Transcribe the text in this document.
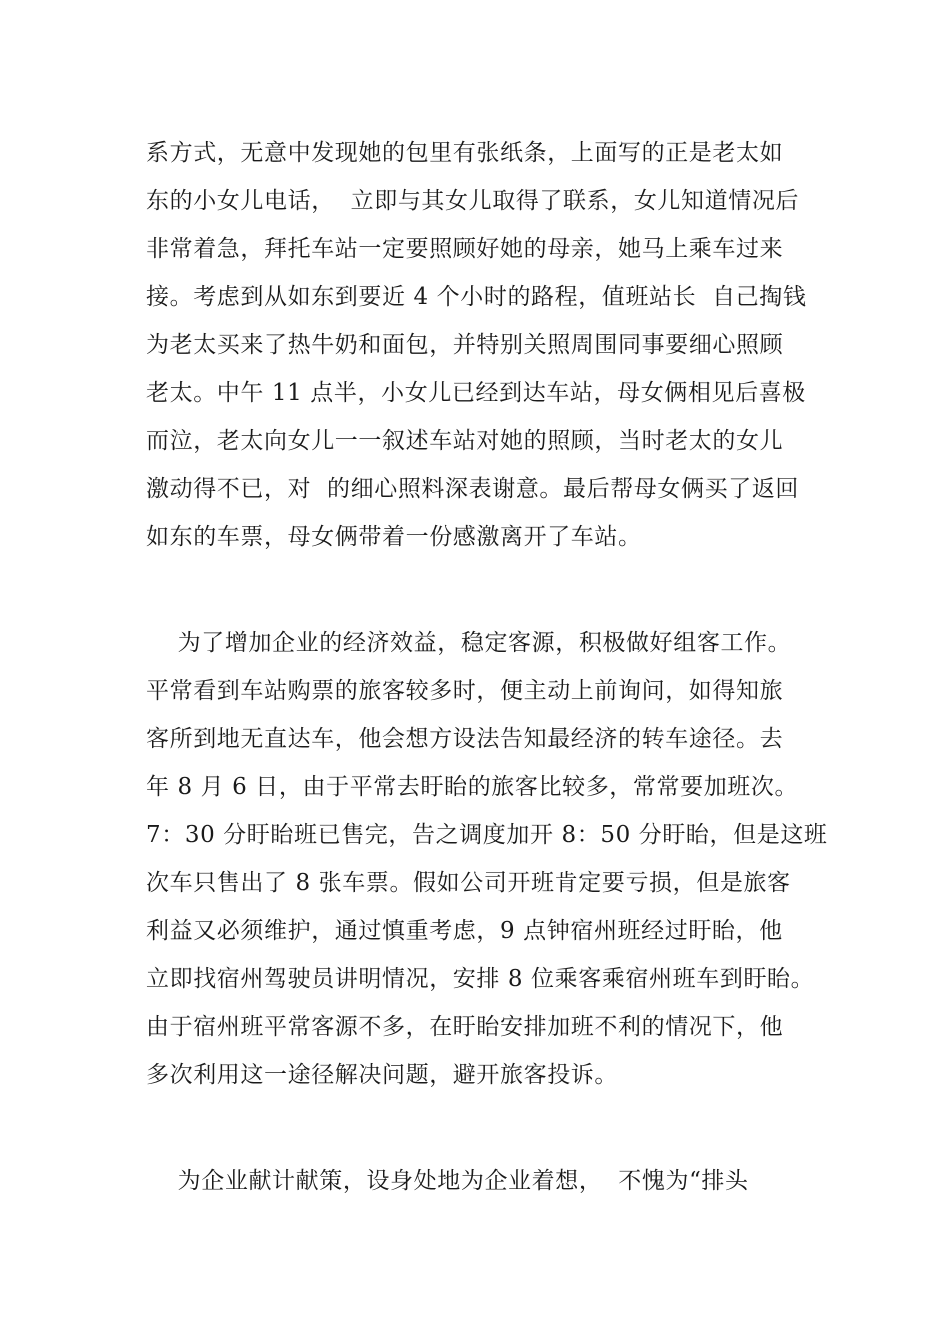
系方式，无意中发现她的包里有张纸条，上面写的正是老太如
东的小女儿电话，  立即与其女儿取得了联系，女儿知道情况后
非常着急，拜托车站一定要照顾好她的母亲，她马上乘车过来
接。考虑到从如东到要近 4 个小时的路程，值班站长  自己掏钱
为老太买来了热牛奶和面包，并特别关照周围同事要细心照顾
老太。中午 11 点半，小女儿已经到达车站，母女俩相见后喜极
而泣，老太向女儿一一叙述车站对她的照顾，当时老太的女儿
激动得不已，对  的细心照料深表谢意。最后帮母女俩买了返回
如东的车票，母女俩带着一份感激离开了车站。
为了增加企业的经济效益，稳定客源，积极做好组客工作。
平常看到车站购票的旅客较多时，便主动上前询问，如得知旅
客所到地无直达车，他会想方设法告知最经济的转车途径。去
年 8 月 6 日，由于平常去盱眙的旅客比较多，常常要加班次。
7：30 分盱眙班已售完，告之调度加开 8：50 分盱眙，但是这班
次车只售出了 8 张车票。假如公司开班肯定要亏损，但是旅客
利益又必须维护，通过慎重考虑，9 点钟宿州班经过盱眙，他
立即找宿州驾驶员讲明情况，安排 8 位乘客乘宿州班车到盱眙。
由于宿州班平常客源不多，在盱眙安排加班不利的情况下，他
多次利用这一途径解决问题，避开旅客投诉。
为企业献计献策，设身处地为企业着想，  不愧为“排头
